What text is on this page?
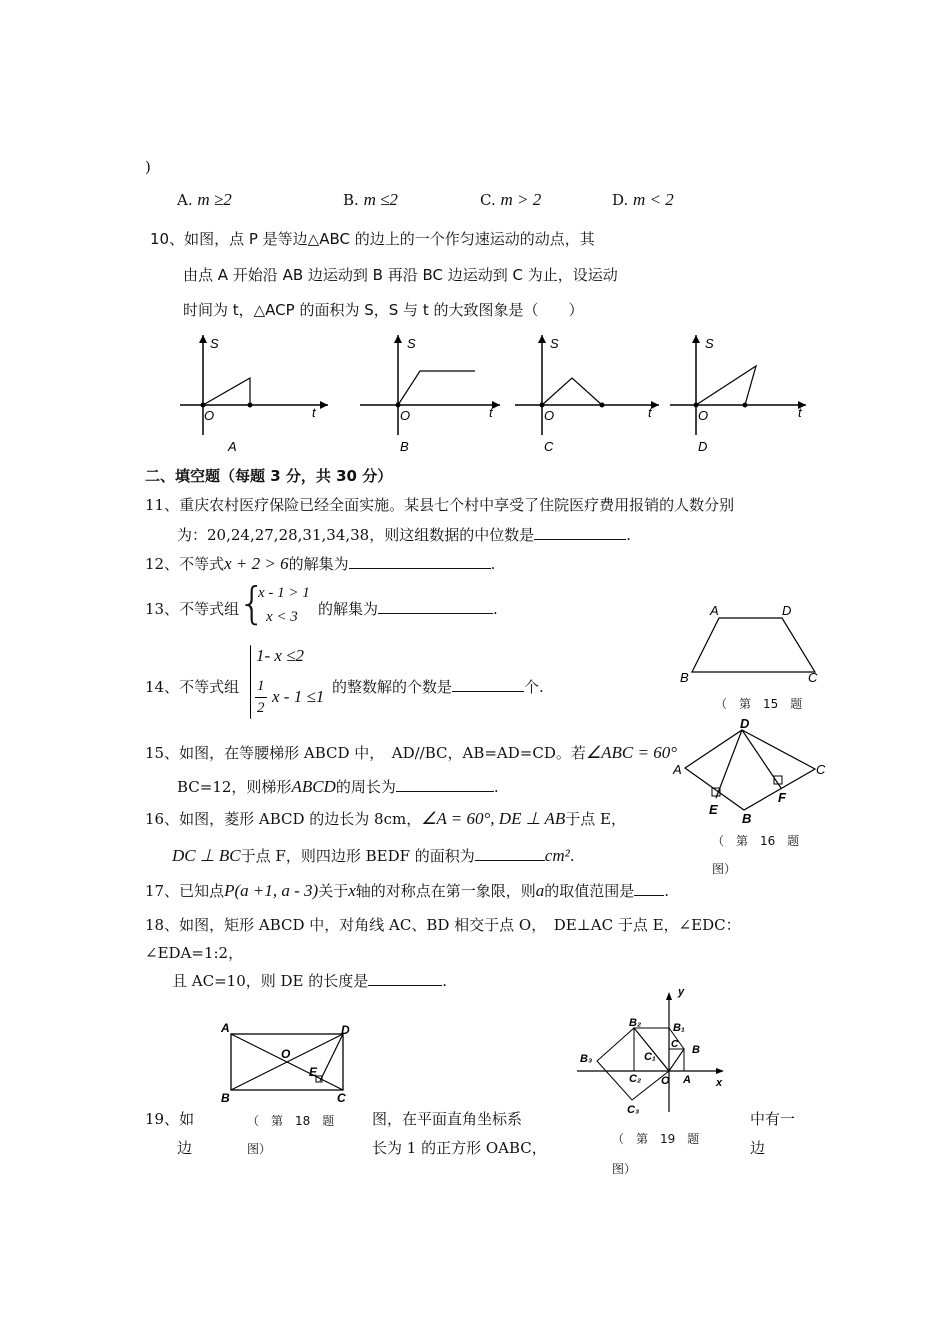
)
A. m ≥2	B. m ≤2	C. m > 2	D. m < 2
10、如图，点 P 是等边△ABC 的边上的一个作匀速运动的动点，其
由点 A 开始沿 AB 边运动到 B 再沿 BC 边运动到 C 为止，设运动
时间为 t，△ACP 的面积为 S，S 与 t 的大致图象是（　　）
S
t
O
A
S
t
O
B
S
t
O
C
S
t
O
D
二、填空题（每题 3 分，共 30 分）
11、重庆农村医疗保险已经全面实施。某县七个村中享受了住院医疗费用报销的人数分别
为：20,24,27,28,31,34,38，则这组数据的中位数是	.
12、不等式x + 2 > 6的解集为	.
13、不等式组
{
x - 1 > 1
x < 3 的解集为	.
14、不等式组
1- x ≤2
1
2
x - 1 ≤1 的整数解的个数是	个.
A	D
B	C
（　第　15　题
15、如图，在等腰梯形 ABCD 中，　AD//BC，AB=AD=CD。若∠ABC = 60°
BC=12，则梯形ABCD的周长为	.
D
A	C
E
F
B
（　第　16　题
图）
16、如图，菱形 ABCD 的边长为 8cm，∠A = 60°, DE ⊥ AB于点 E，
DC ⊥ BC于点 F，则四边形 BEDF 的面积为	cm².
17、已知点P(a +1, a - 3)关于x轴的对称点在第一象限，则a的取值范围是 .
18、如图，矩形 ABCD 中，对角线 AC、BD 相交于点 O，　DE⊥AC 于点 E，∠EDC：
∠EDA=1:2，
且 AC=10，则 DE 的长度是	.
A	D
B	C
O
E
y
x
O A
B
C
B₁
C₁
B₂
C₂
B₃
C₃
19、如
边
（　第　18　题
图）
图，在平面直角坐标系
长为 1 的正方形 OABC，	（　第　19　题
图）
中有一
边
